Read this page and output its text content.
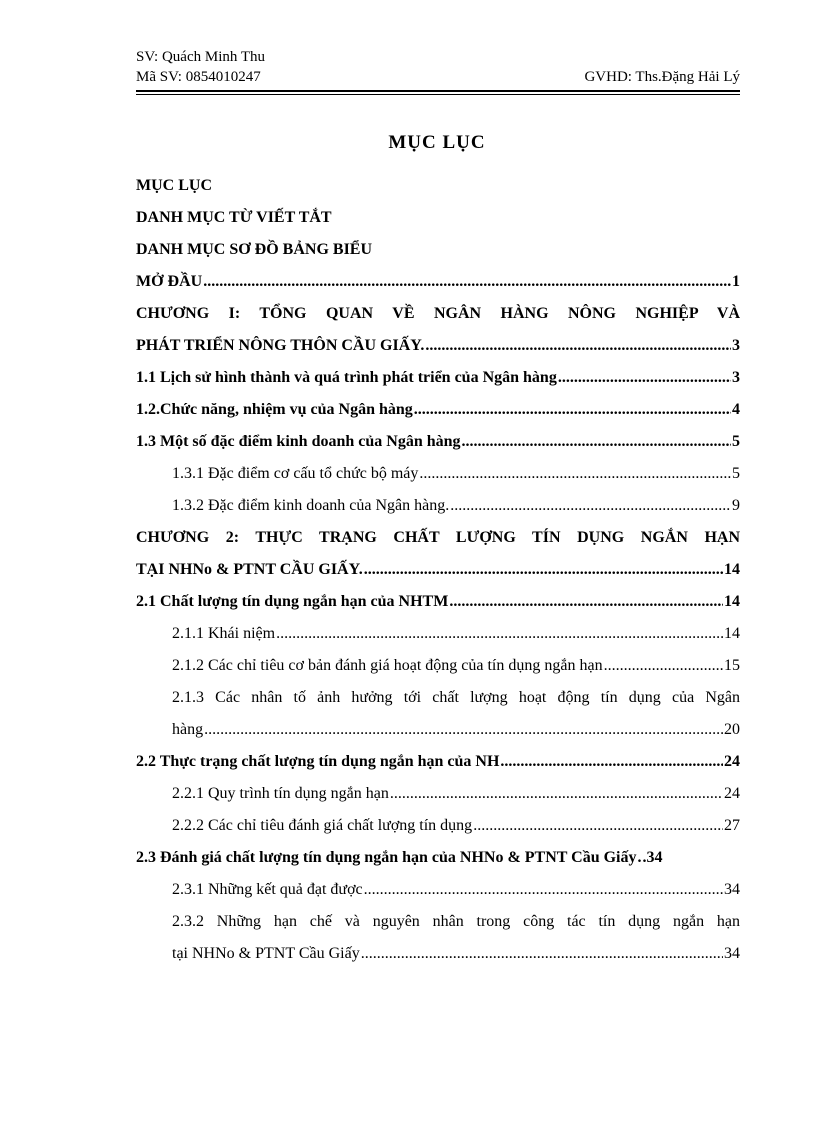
SV: Quách Minh Thu
Mã SV: 0854010247	GVHD: Ths.Đặng Hải Lý
MỤC LỤC
MỤC LỤC
DANH MỤC TỪ VIẾT TẮT
DANH MỤC SƠ ĐỒ BẢNG BIỂU
MỞ ĐẦU .....	1
CHƯƠNG I: TỔNG QUAN VỀ NGÂN HÀNG NÔNG NGHIỆP VÀ
PHÁT TRIỂN NÔNG THÔN CẦU GIẤY. .....	3
1.1 Lịch sử hình thành và quá trình phát triển của Ngân hàng .....	3
1.2.Chức năng, nhiệm vụ của Ngân hàng .....	4
1.3 Một số đặc điểm kinh doanh của Ngân hàng .....	5
1.3.1 Đặc điểm cơ cấu tổ chức bộ máy .....	5
1.3.2 Đặc điểm kinh doanh của Ngân hàng. .....	9
CHƯƠNG 2: THỰC TRẠNG CHẤT LƯỢNG TÍN DỤNG NGẮN HẠN
TẠI NHNo & PTNT CẦU GIẤY. .....	14
2.1 Chất lượng tín dụng ngắn hạn của NHTM .....	14
2.1.1 Khái niệm .....	14
2.1.2 Các chỉ tiêu cơ bản đánh giá hoạt động của tín dụng ngắn hạn .....	15
2.1.3 Các nhân tố ảnh hưởng tới chất lượng hoạt động tín dụng của Ngân
hàng .....	20
2.2 Thực trạng chất lượng tín dụng ngắn hạn của NH .....	24
2.2.1 Quy trình tín dụng ngắn hạn .....	24
2.2.2 Các chỉ tiêu đánh giá chất lượng tín dụng .....	27
2.3 Đánh giá chất lượng tín dụng ngắn hạn của NHNo & PTNT Cầu Giấy ..... .34
2.3.1 Những kết quả đạt được .....	34
2.3.2 Những hạn chế và nguyên nhân trong công tác tín dụng ngắn hạn
tại NHNo & PTNT Cầu Giấy .....	34
